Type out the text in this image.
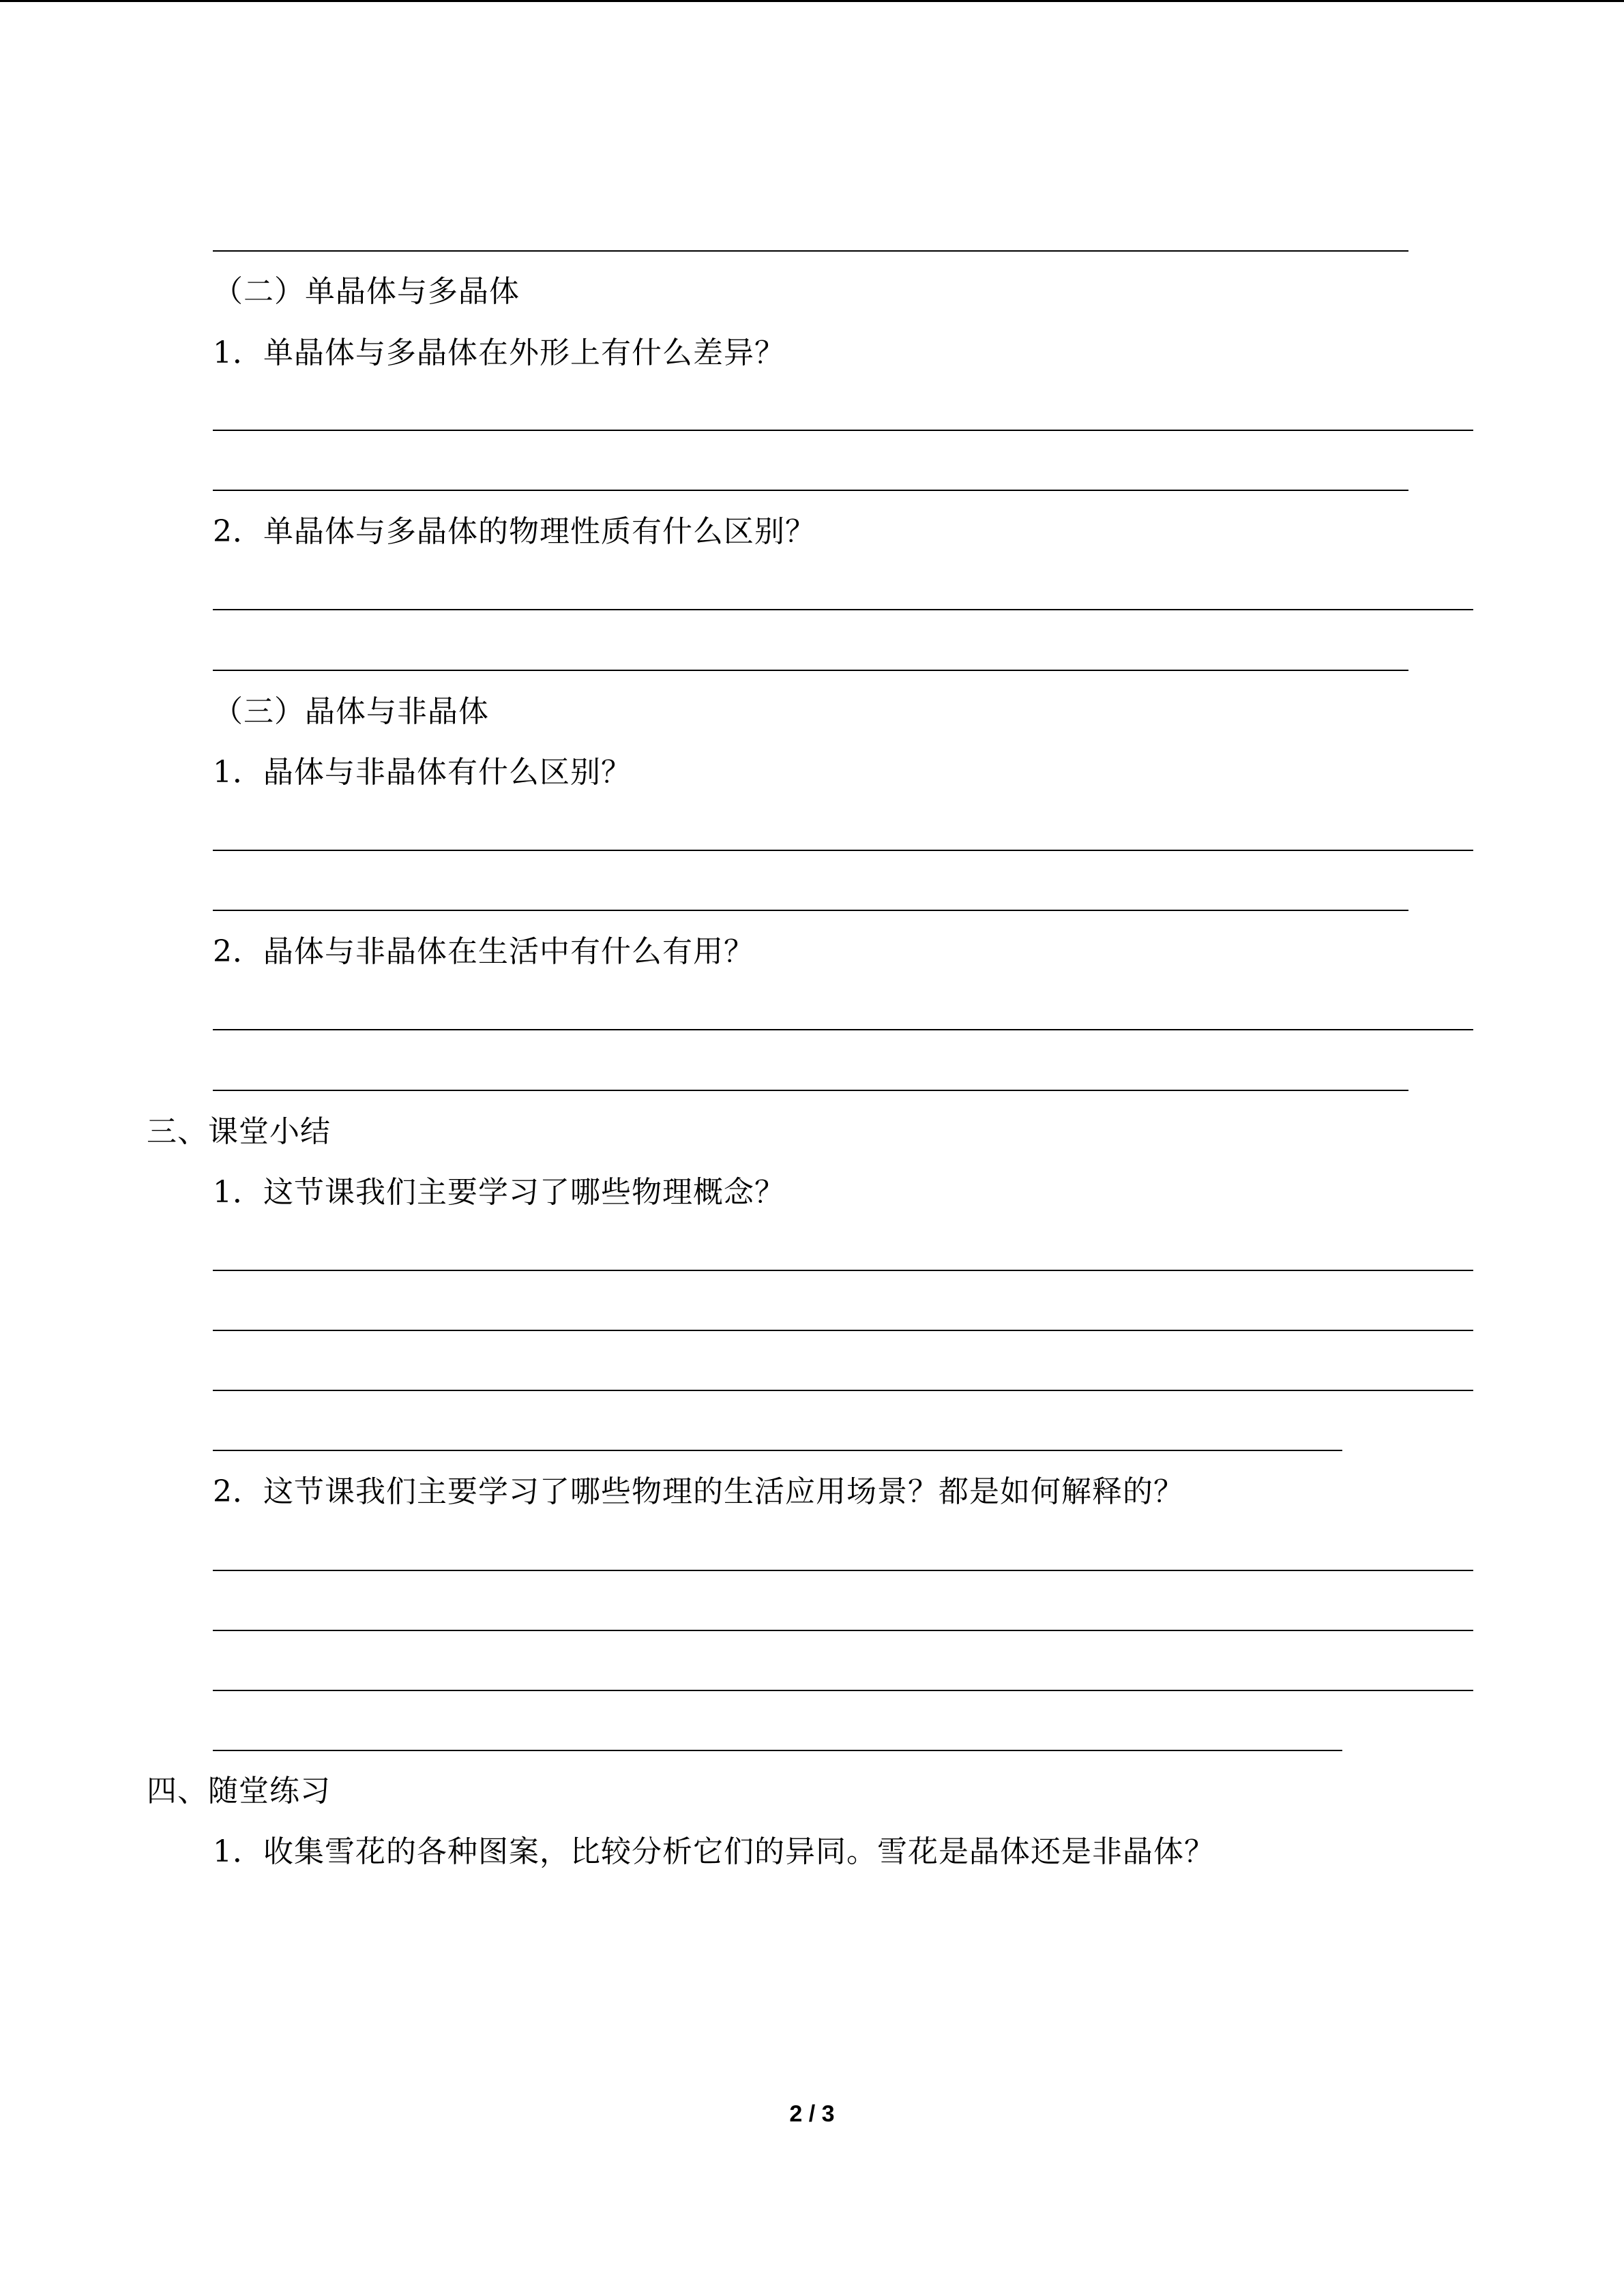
（二）单晶体与多晶体
1．单晶体与多晶体在外形上有什么差异？
2．单晶体与多晶体的物理性质有什么区别？
（三）晶体与非晶体
1．晶体与非晶体有什么区别？
2．晶体与非晶体在生活中有什么有用？
三、课堂小结
1．这节课我们主要学习了哪些物理概念？
2．这节课我们主要学习了哪些物理的生活应用场景？都是如何解释的？
四、随堂练习
1．收集雪花的各种图案，比较分析它们的异同。雪花是晶体还是非晶体？
2 / 3
